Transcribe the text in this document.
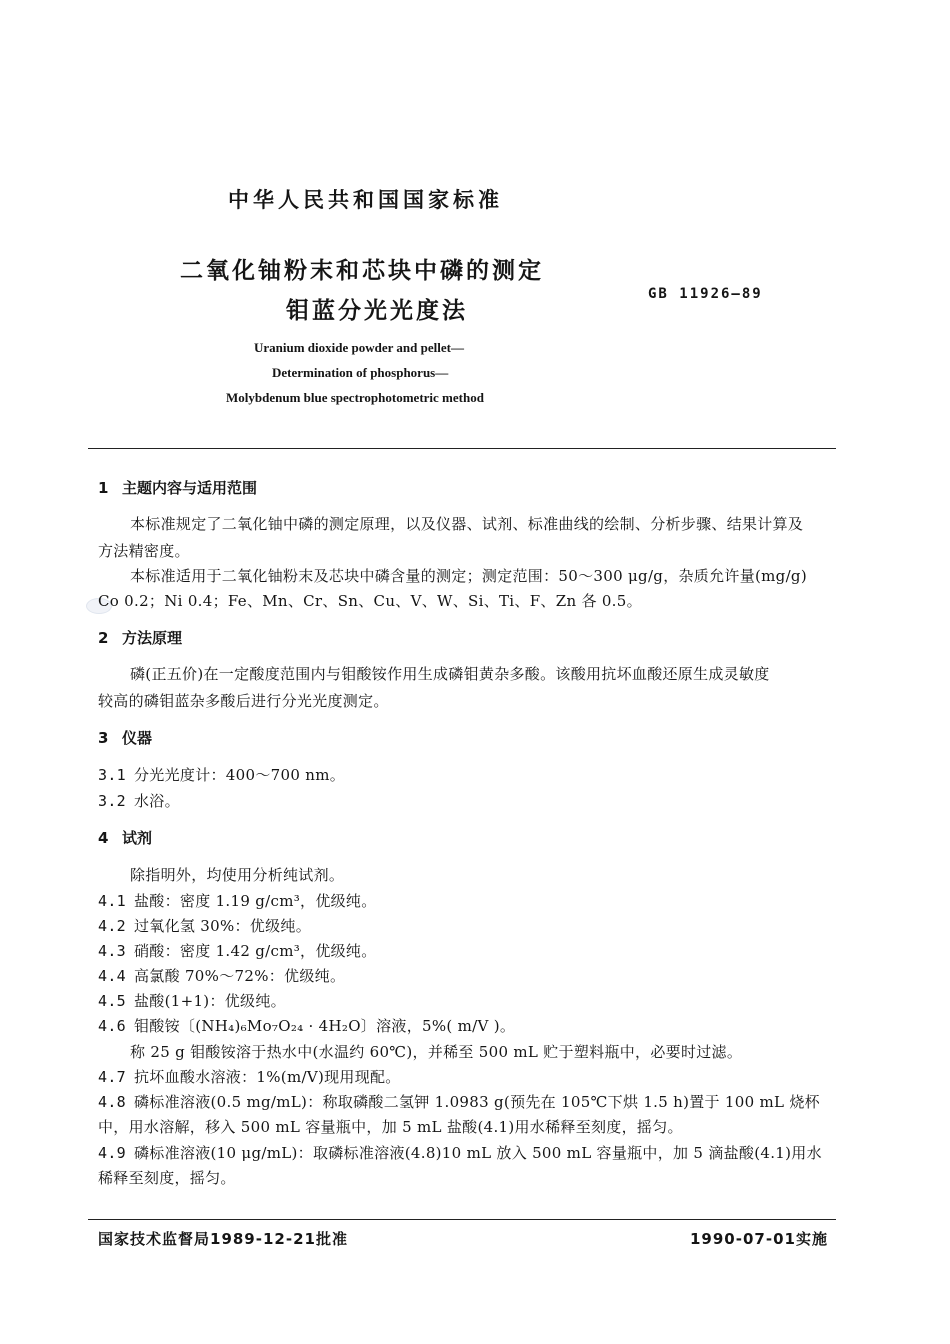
中华人民共和国国家标准
二氧化铀粉末和芯块中磷的测定
钼蓝分光光度法
GB 11926—89
Uranium dioxide powder and pellet—
Determination of phosphorus—
Molybdenum blue spectrophotometric method
1 主题内容与适用范围
本标准规定了二氧化铀中磷的测定原理，以及仪器、试剂、标准曲线的绘制、分析步骤、结果计算及
方法精密度。
本标准适用于二氧化铀粉末及芯块中磷含量的测定；测定范围：50～300 μg/g，杂质允许量(mg/g)
Co 0.2；Ni 0.4；Fe、Mn、Cr、Sn、Cu、V、W、Si、Ti、F、Zn 各 0.5。
2 方法原理
磷(正五价)在一定酸度范围内与钼酸铵作用生成磷钼黄杂多酸。该酸用抗坏血酸还原生成灵敏度
较高的磷钼蓝杂多酸后进行分光光度测定。
3 仪器
3.1 分光光度计：400～700 nm。
3.2 水浴。
4 试剂
除指明外，均使用分析纯试剂。
4.1 盐酸：密度 1.19 g/cm³，优级纯。
4.2 过氧化氢 30%：优级纯。
4.3 硝酸：密度 1.42 g/cm³，优级纯。
4.4 高氯酸 70%～72%：优级纯。
4.5 盐酸(1+1)：优级纯。
4.6 钼酸铵〔(NH₄)₆Mo₇O₂₄ · 4H₂O〕溶液，5%( m/V )。
称 25 g 钼酸铵溶于热水中(水温约 60℃)，并稀至 500 mL 贮于塑料瓶中，必要时过滤。
4.7 抗坏血酸水溶液：1%(m/V)现用现配。
4.8 磷标准溶液(0.5 mg/mL)：称取磷酸二氢钾 1.0983 g(预先在 105℃下烘 1.5 h)置于 100 mL 烧杯
中，用水溶解，移入 500 mL 容量瓶中，加 5 mL 盐酸(4.1)用水稀释至刻度，摇匀。
4.9 磷标准溶液(10 μg/mL)：取磷标准溶液(4.8)10 mL 放入 500 mL 容量瓶中，加 5 滴盐酸(4.1)用水
稀释至刻度，摇匀。
国家技术监督局1989-12-21批准	1990-07-01实施
